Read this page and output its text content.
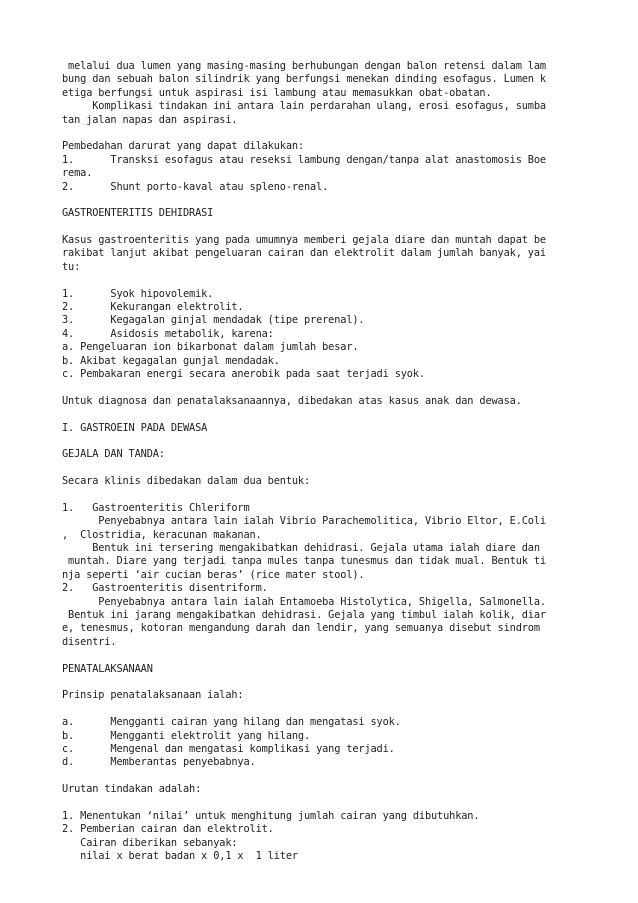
melalui dua lumen yang masing-masing berhubungan dengan balon retensi dalam lam
bung dan sebuah balon silindrik yang berfungsi menekan dinding esofagus. Lumen k
etiga berfungsi untuk aspirasi isi lambung atau memasukkan obat-obatan.
Komplikasi tindakan ini antara lain perdarahan ulang, erosi esofagus, sumba
tan jalan napas dan aspirasi.
Pembedahan darurat yang dapat dilakukan:
1.      Transksi esofagus atau reseksi lambung dengan/tanpa alat anastomosis Boe
rema.
2.      Shunt porto-kaval atau spleno-renal.
GASTROENTERITIS DEHIDRASI
Kasus gastroenteritis yang pada umumnya memberi gejala diare dan muntah dapat be
rakibat lanjut akibat pengeluaran cairan dan elektrolit dalam jumlah banyak, yai
tu:
1.      Syok hipovolemik.
2.      Kekurangan elektrolit.
3.      Kegagalan ginjal mendadak (tipe prerenal).
4.      Asidosis metabolik, karena:
a. Pengeluaran ion bikarbonat dalam jumlah besar.
b. Akibat kegagalan gunjal mendadak.
c. Pembakaran energi secara anerobik pada saat terjadi syok.
Untuk diagnosa dan penatalaksanaannya, dibedakan atas kasus anak dan dewasa.
I. GASTROEIN PADA DEWASA
GEJALA DAN TANDA:
Secara klinis dibedakan dalam dua bentuk:
1.   Gastroenteritis Chleriform
Penyebabnya antara lain ialah Vibrio Parachemolitica, Vibrio Eltor, E.Coli
,  Clostridia, keracunan makanan.
Bentuk ini tersering mengakibatkan dehidrasi. Gejala utama ialah diare dan
muntah. Diare yang terjadi tanpa mules tanpa tunesmus dan tidak mual. Bentuk ti
nja seperti ‘air cucian beras’ (rice mater stool).
2.   Gastroenteritis disentriform.
Penyebabnya antara lain ialah Entamoeba Histolytica, Shigella, Salmonella.
Bentuk ini jarang mengakibatkan dehidrasi. Gejala yang timbul ialah kolik, diar
e, tenesmus, kotoran mengandung darah dan lendir, yang semuanya disebut sindrom
disentri.
PENATALAKSANAAN
Prinsip penatalaksanaan ialah:
a.      Mengganti cairan yang hilang dan mengatasi syok.
b.      Mengganti elektrolit yang hilang.
c.      Mengenal dan mengatasi komplikasi yang terjadi.
d.      Memberantas penyebabnya.
Urutan tindakan adalah:
1. Menentukan ‘nilai’ untuk menghitung jumlah cairan yang dibutuhkan.
2. Pemberian cairan dan elektrolit.
Cairan diberikan sebanyak:
nilai x berat badan x 0,1 x  1 liter
